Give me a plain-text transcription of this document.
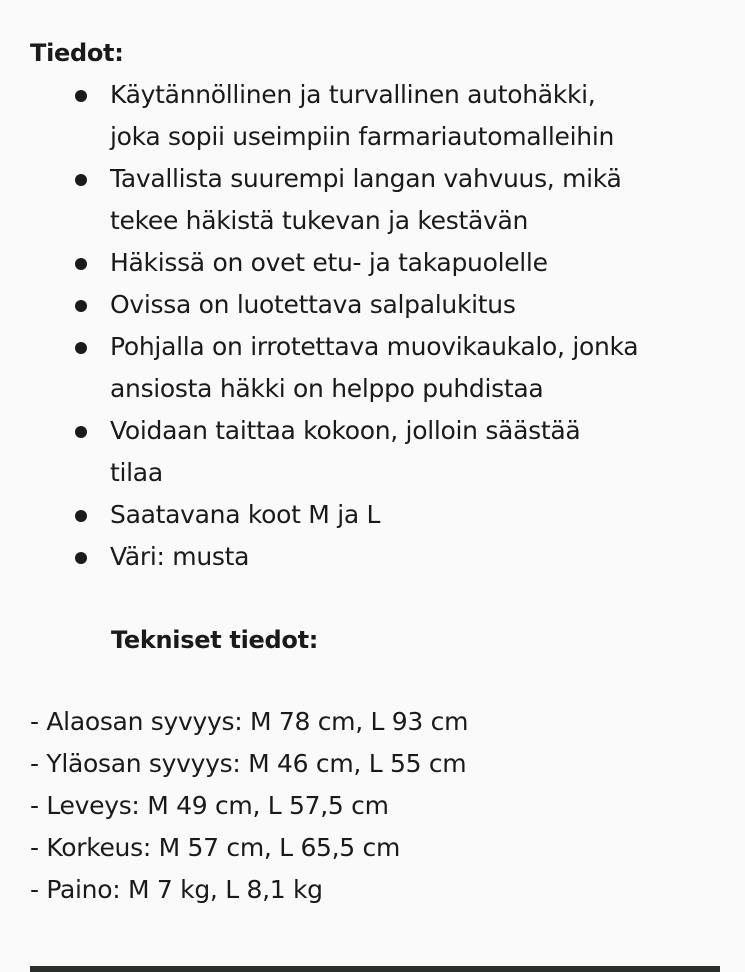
Tiedot:
Käytännöllinen ja turvallinen autohäkki,
joka sopii useimpiin farmariautomalleihin
Tavallista suurempi langan vahvuus, mikä
tekee häkistä tukevan ja kestävän
Häkissä on ovet etu- ja takapuolelle
Ovissa on luotettava salpalukitus
Pohjalla on irrotettava muovikaukalo, jonka
ansiosta häkki on helppo puhdistaa
Voidaan taittaa kokoon, jolloin säästää
tilaa
Saatavana koot M ja L
Väri: musta
Tekniset tiedot:
- Alaosan syvyys: M 78 cm, L 93 cm
- Yläosan syvyys: M 46 cm, L 55 cm
- Leveys: M 49 cm, L 57,5 cm
- Korkeus: M 57 cm, L 65,5 cm
- Paino: M 7 kg, L 8,1 kg
